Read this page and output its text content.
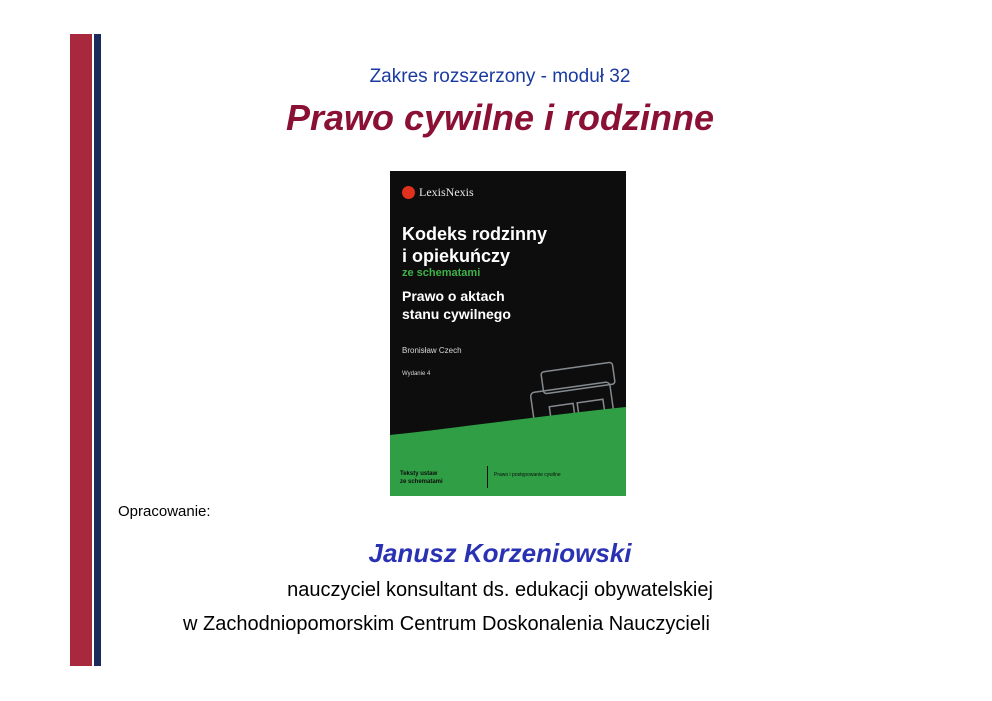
Zakres rozszerzony - moduł 32
Prawo cywilne i rodzinne
LexisNexis
Kodeks rodzinny
i opiekuńczy
ze schematami
Prawo o aktach
stanu cywilnego
Bronisław Czech
Wydanie 4
Teksty ustaw
ze schematami
Prawo i postępowanie cywilne
Opracowanie:
Janusz Korzeniowski
nauczyciel konsultant ds. edukacji obywatelskiej
w Zachodniopomorskim Centrum Doskonalenia Nauczycieli
